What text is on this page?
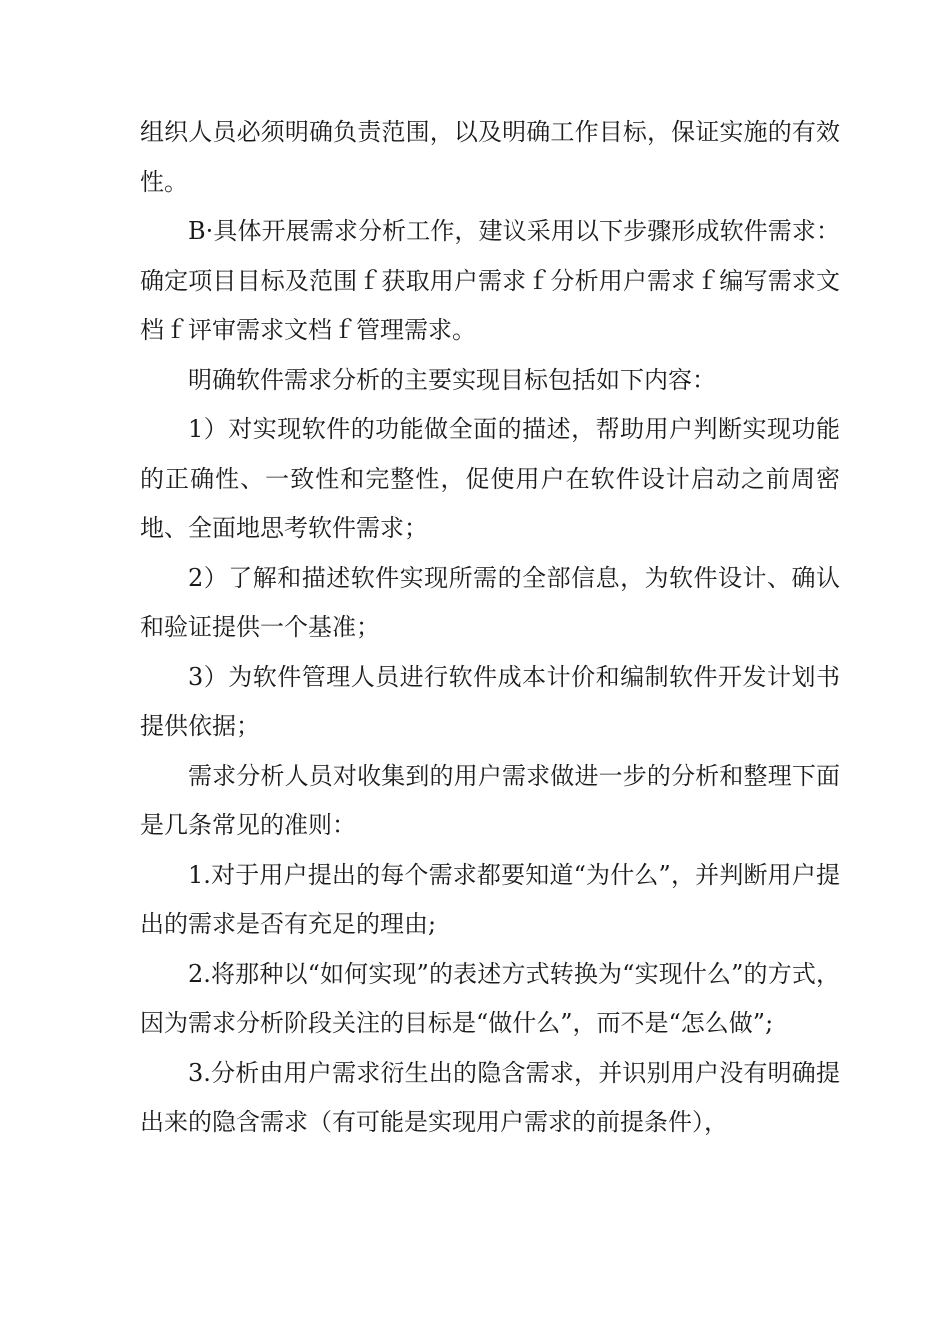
组织人员必须明确负责范围，以及明确工作目标，保证实施的有效性。

B·具体开展需求分析工作，建议采用以下步骤形成软件需求：确定项目目标及范围ｆ获取用户需求ｆ分析用户需求ｆ编写需求文档ｆ评审需求文档ｆ管理需求。

明确软件需求分析的主要实现目标包括如下内容：

1）对实现软件的功能做全面的描述，帮助用户判断实现功能的正确性、一致性和完整性，促使用户在软件设计启动之前周密地、全面地思考软件需求；

2）了解和描述软件实现所需的全部信息，为软件设计、确认和验证提供一个基准；

3）为软件管理人员进行软件成本计价和编制软件开发计划书提供依据；

需求分析人员对收集到的用户需求做进一步的分析和整理下面是几条常见的准则：

1.对于用户提出的每个需求都要知道“为什么”，并判断用户提出的需求是否有充足的理由;

2.将那种以“如何实现”的表述方式转换为“实现什么”的方式，因为需求分析阶段关注的目标是“做什么”，而不是“怎么做”;

3.分析由用户需求衍生出的隐含需求，并识别用户没有明确提出来的隐含需求（有可能是实现用户需求的前提条件），
